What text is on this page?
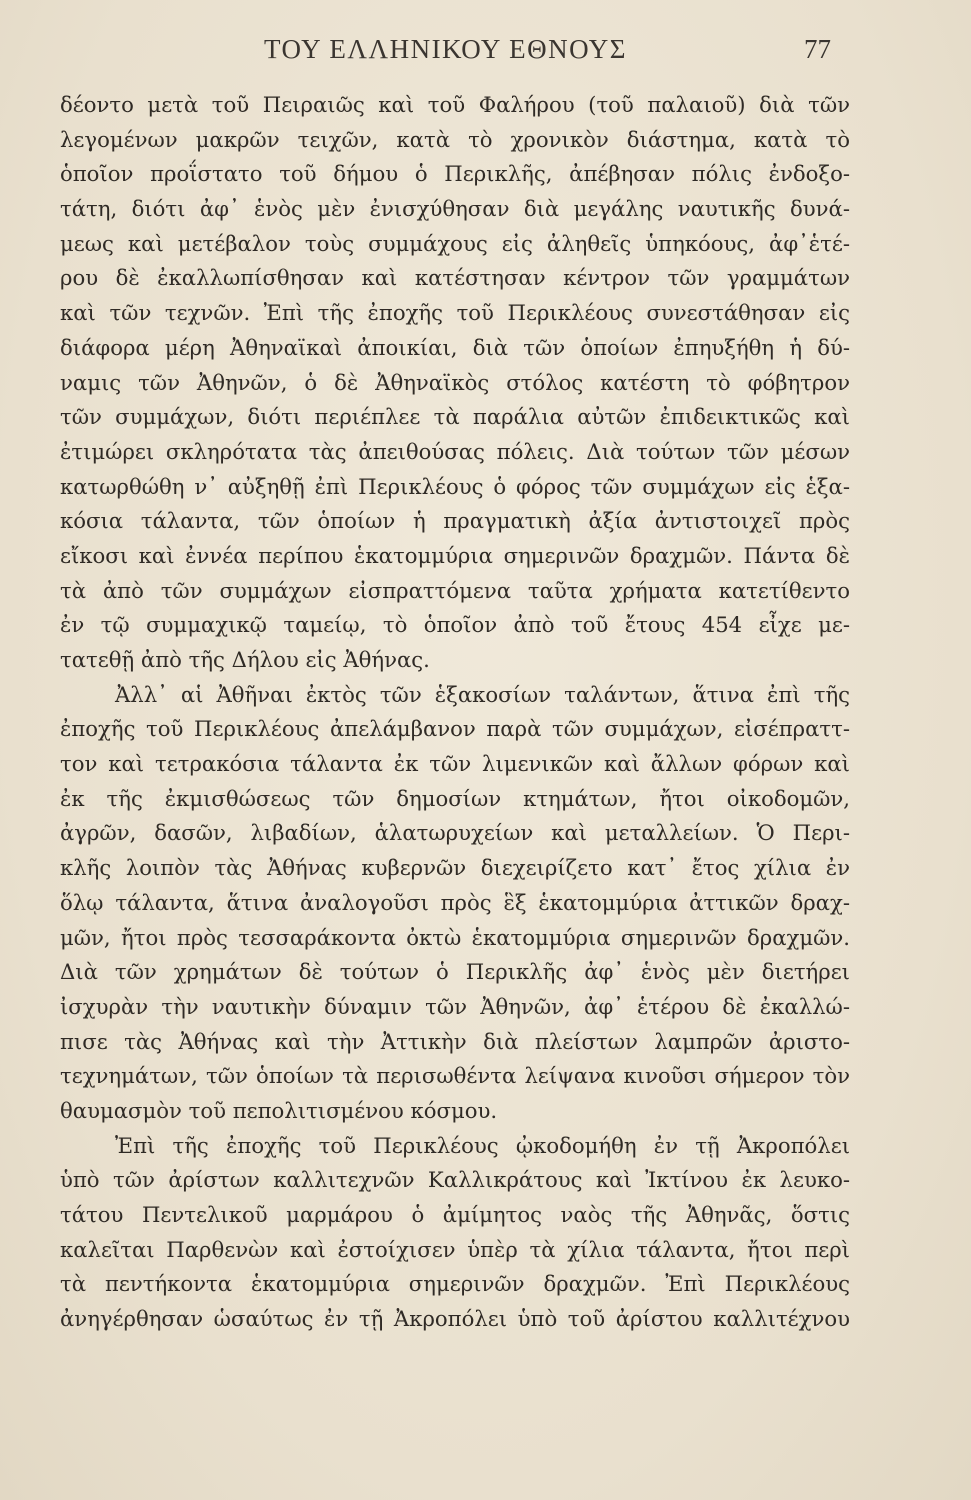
ΤΟΥ ΕΛΛΗΝΙΚΟΥ ΕΘΝΟΥΣ	77
δέοντο μετὰ τοῦ Πειραιῶς καὶ τοῦ Φαλήρου (τοῦ παλαιοῦ) διὰ τῶν
λεγομένων μακρῶν τειχῶν, κατὰ τὸ χρονικὸν διάστημα, κατὰ τὸ
ὁποῖον προΐστατο τοῦ δήμου ὁ Περικλῆς, ἀπέβησαν πόλις ἐνδοξο-
τάτη, διότι ἀφ᾽ ἑνὸς μὲν ἐνισχύθησαν διὰ μεγάλης ναυτικῆς δυνά-
μεως καὶ μετέβαλον τοὺς συμμάχους εἰς ἀληθεῖς ὑπηκόους, ἀφ᾽ἑτέ-
ρου δὲ ἐκαλλωπίσθησαν καὶ κατέστησαν κέντρον τῶν γραμμάτων
καὶ τῶν τεχνῶν. Ἐπὶ τῆς ἐποχῆς τοῦ Περικλέους συνεστάθησαν εἰς
διάφορα μέρη Ἀθηναϊκαὶ ἀποικίαι, διὰ τῶν ὁποίων ἐπηυξήθη ἡ δύ-
ναμις τῶν Ἀθηνῶν, ὁ δὲ Ἀθηναϊκὸς στόλος κατέστη τὸ φόβητρον
τῶν συμμάχων, διότι περιέπλεε τὰ παράλια αὐτῶν ἐπιδεικτικῶς καὶ
ἐτιμώρει σκληρότατα τὰς ἀπειθούσας πόλεις. Διὰ τούτων τῶν μέσων
κατωρθώθη ν᾽ αὐξηθῇ ἐπὶ Περικλέους ὁ φόρος τῶν συμμάχων εἰς ἑξα-
κόσια τάλαντα, τῶν ὁποίων ἡ πραγματικὴ ἀξία ἀντιστοιχεῖ πρὸς
εἴκοσι καὶ ἐννέα περίπου ἑκατομμύρια σημερινῶν δραχμῶν. Πάντα δὲ
τὰ ἀπὸ τῶν συμμάχων εἰσπραττόμενα ταῦτα χρήματα κατετίθεντο
ἐν τῷ συμμαχικῷ ταμείῳ, τὸ ὁποῖον ἀπὸ τοῦ ἔτους 454 εἶχε με-
τατεθῇ ἀπὸ τῆς Δήλου εἰς Ἀθήνας.
Ἀλλ᾽ αἱ Ἀθῆναι ἐκτὸς τῶν ἑξακοσίων ταλάντων, ἅτινα ἐπὶ τῆς
ἐποχῆς τοῦ Περικλέους ἀπελάμβανον παρὰ τῶν συμμάχων, εἰσέπραττ-
τον καὶ τετρακόσια τάλαντα ἐκ τῶν λιμενικῶν καὶ ἄλλων φόρων καὶ
ἐκ τῆς ἐκμισθώσεως τῶν δημοσίων κτημάτων, ἤτοι οἰκοδομῶν,
ἀγρῶν, δασῶν, λιβαδίων, ἁλατωρυχείων καὶ μεταλλείων. Ὁ Περι-
κλῆς λοιπὸν τὰς Ἀθήνας κυβερνῶν διεχειρίζετο κατ᾽ ἔτος χίλια ἐν
ὅλῳ τάλαντα, ἅτινα ἀναλογοῦσι πρὸς ἓξ ἑκατομμύρια ἀττικῶν δραχ-
μῶν, ἤτοι πρὸς τεσσαράκοντα ὀκτὼ ἑκατομμύρια σημερινῶν δραχμῶν.
Διὰ τῶν χρημάτων δὲ τούτων ὁ Περικλῆς ἀφ᾽ ἑνὸς μὲν διετήρει
ἰσχυρὰν τὴν ναυτικὴν δύναμιν τῶν Ἀθηνῶν, ἀφ᾽ ἑτέρου δὲ ἐκαλλώ-
πισε τὰς Ἀθήνας καὶ τὴν Ἀττικὴν διὰ πλείστων λαμπρῶν ἀριστο-
τεχνημάτων, τῶν ὁποίων τὰ περισωθέντα λείψανα κινοῦσι σήμερον τὸν
θαυμασμὸν τοῦ πεπολιτισμένου κόσμου.
Ἐπὶ τῆς ἐποχῆς τοῦ Περικλέους ᾠκοδομήθη ἐν τῇ Ἀκροπόλει
ὑπὸ τῶν ἀρίστων καλλιτεχνῶν Καλλικράτους καὶ Ἰκτίνου ἐκ λευκο-
τάτου Πεντελικοῦ μαρμάρου ὁ ἀμίμητος ναὸς τῆς Ἀθηνᾶς, ὅστις
καλεῖται Παρθενὼν καὶ ἐστοίχισεν ὑπὲρ τὰ χίλια τάλαντα, ἤτοι περὶ
τὰ πεντήκοντα ἑκατομμύρια σημερινῶν δραχμῶν. Ἐπὶ Περικλέους
ἀνηγέρθησαν ὡσαύτως ἐν τῇ Ἀκροπόλει ὑπὸ τοῦ ἀρίστου καλλιτέχνου
